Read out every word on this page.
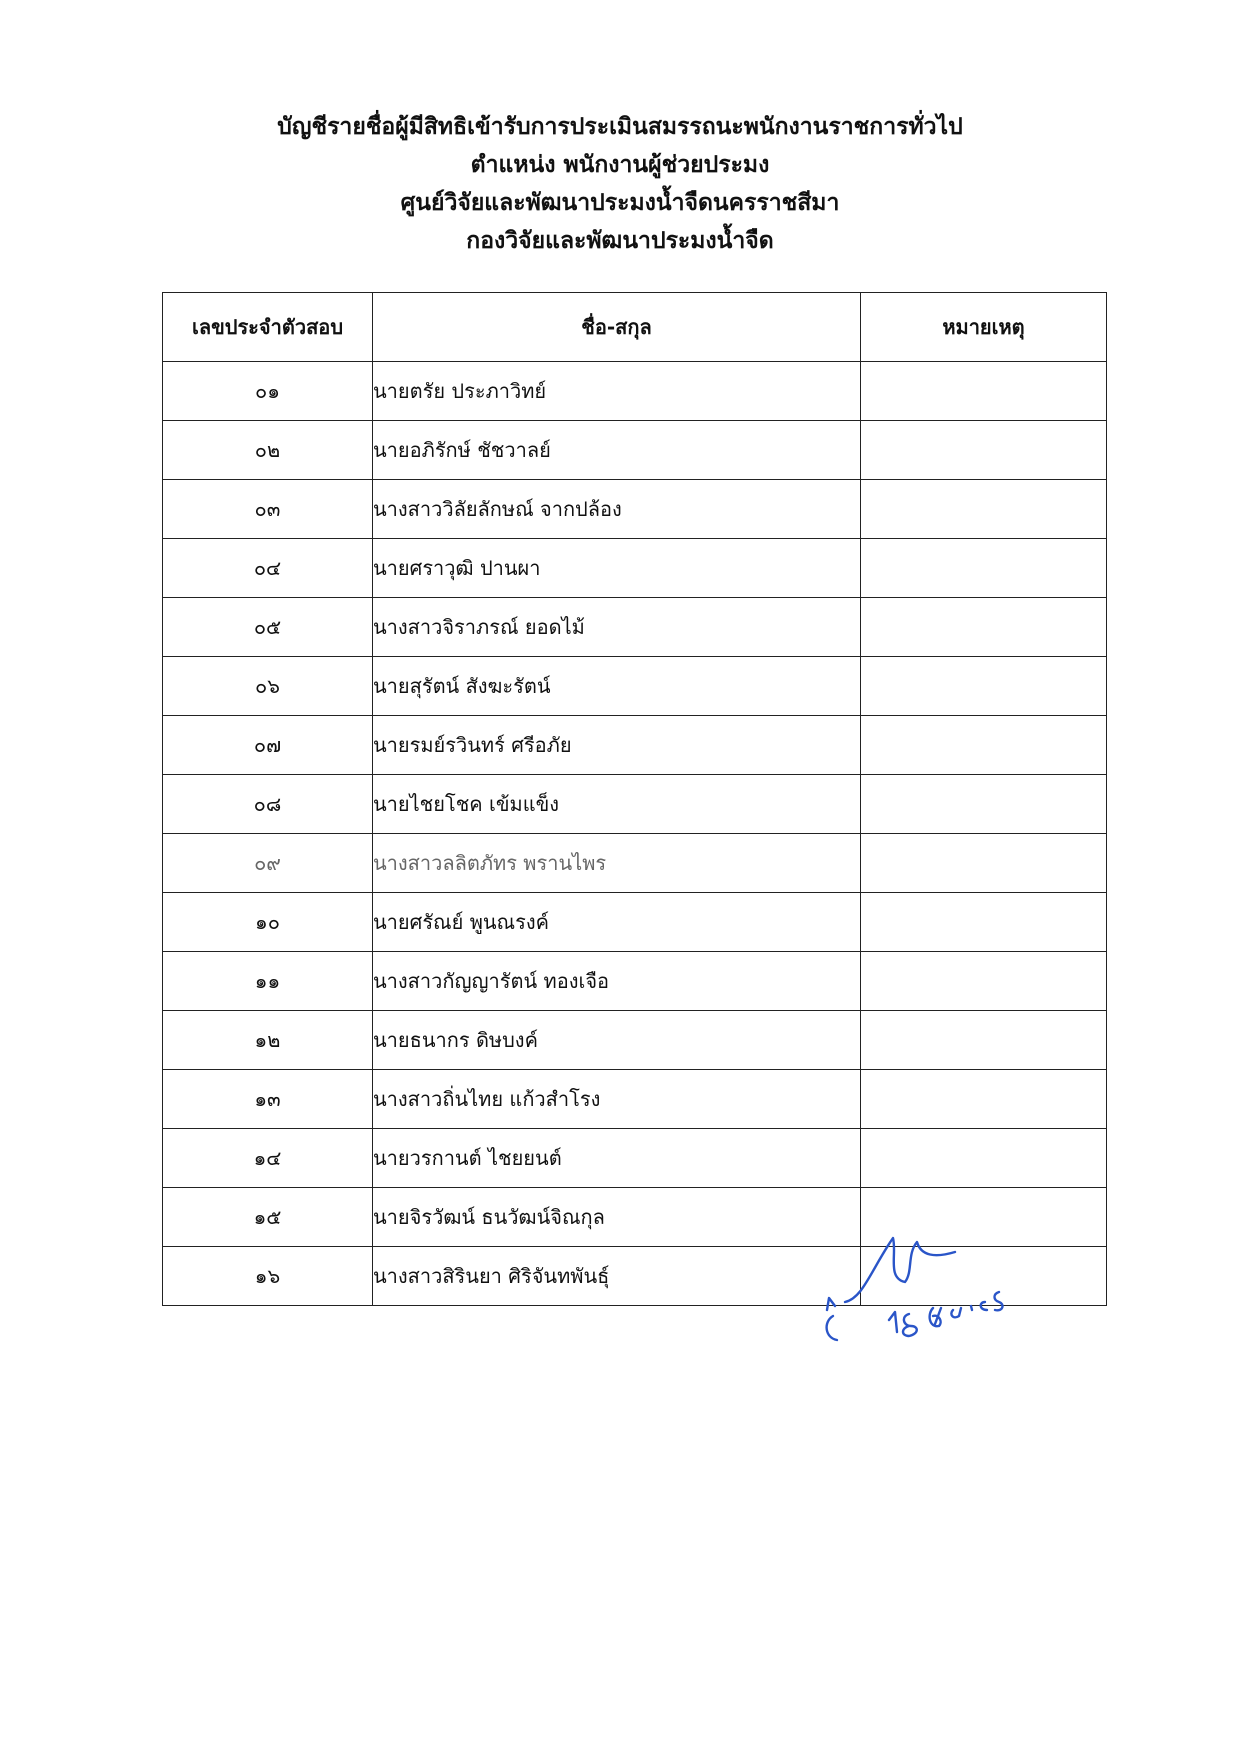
บัญชีรายชื่อผู้มีสิทธิเข้ารับการประเมินสมรรถนะพนักงานราชการทั่วไป

ตำแหน่ง พนักงานผู้ช่วยประมง

ศูนย์วิจัยและพัฒนาประมงน้ำจืดนครราชสีมา

กองวิจัยและพัฒนาประมงน้ำจืด

เลขประจำตัวสอบ	ชื่อ-สกุล	หมายเหตุ
๐๑	นายตรัย ประภาวิทย์	
๐๒	นายอภิรักษ์ ชัชวาลย์	
๐๓	นางสาววิลัยลักษณ์ จากปล้อง	
๐๔	นายศราวุฒิ ปานผา	
๐๕	นางสาวจิราภรณ์ ยอดไม้	
๐๖	นายสุรัตน์ สังฆะรัตน์	
๐๗	นายรมย์รวินทร์ ศรีอภัย	
๐๘	นายไชยโชค เข้มแข็ง	
๐๙	นางสาวลลิตภัทร พรานไพร	
๑๐	นายศรัณย์ พูนณรงค์	
๑๑	นางสาวกัญญารัตน์ ทองเจือ	
๑๒	นายธนากร ดิษบงค์	
๑๓	นางสาวถิ่นไทย แก้วสำโรง	
๑๔	นายวรกานต์ ไชยยนต์	
๑๕	นายจิรวัฒน์ ธนวัฒน์จิณกุล	
๑๖	นางสาวสิรินยา ศิริจันทพันธุ์	
